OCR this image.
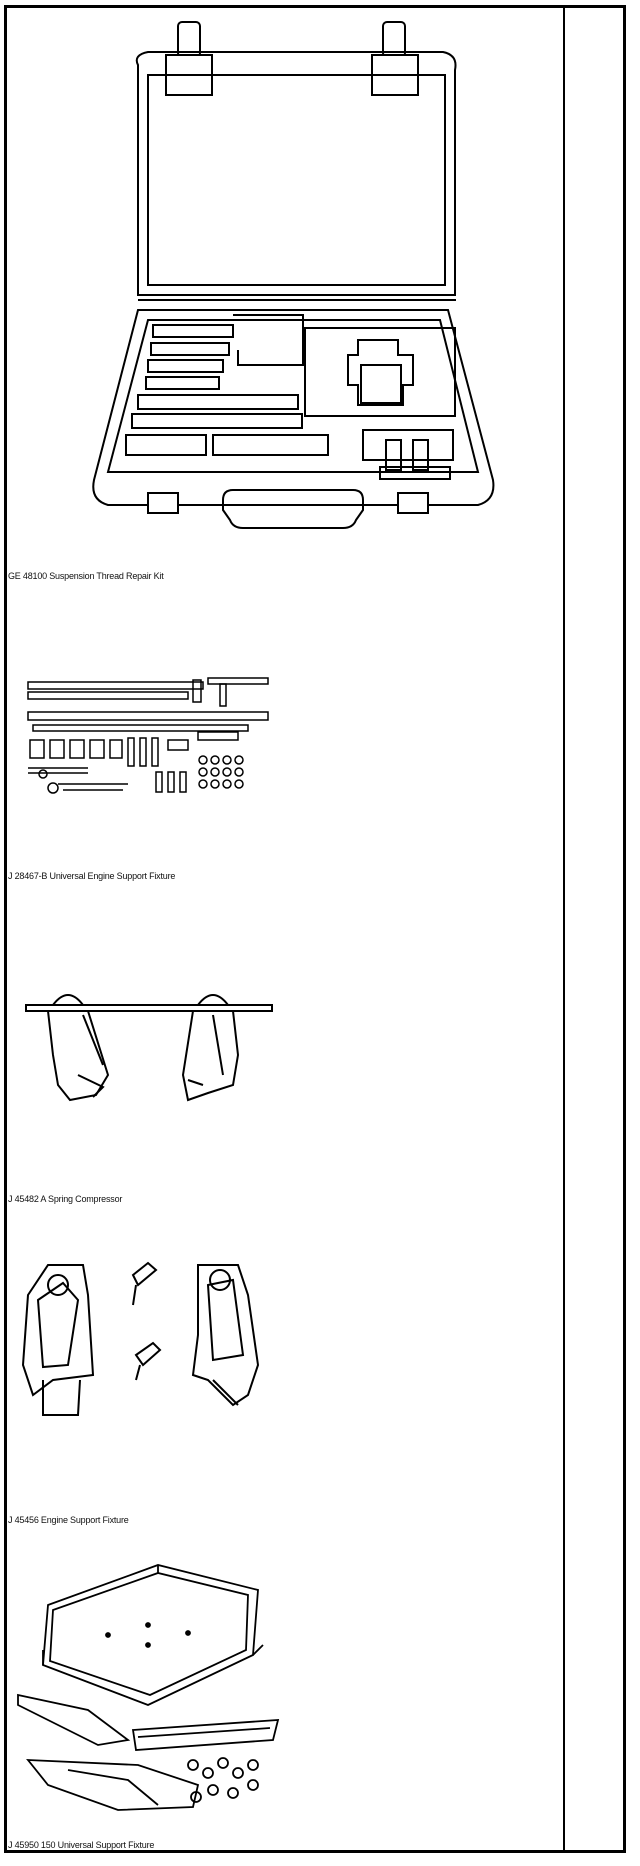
GE 48100 Suspension Thread Repair Kit
J 28467-B Universal Engine Support Fixture
J 45482 A Spring Compressor
J 45456 Engine Support Fixture
J 45950 150 Universal Support Fixture
